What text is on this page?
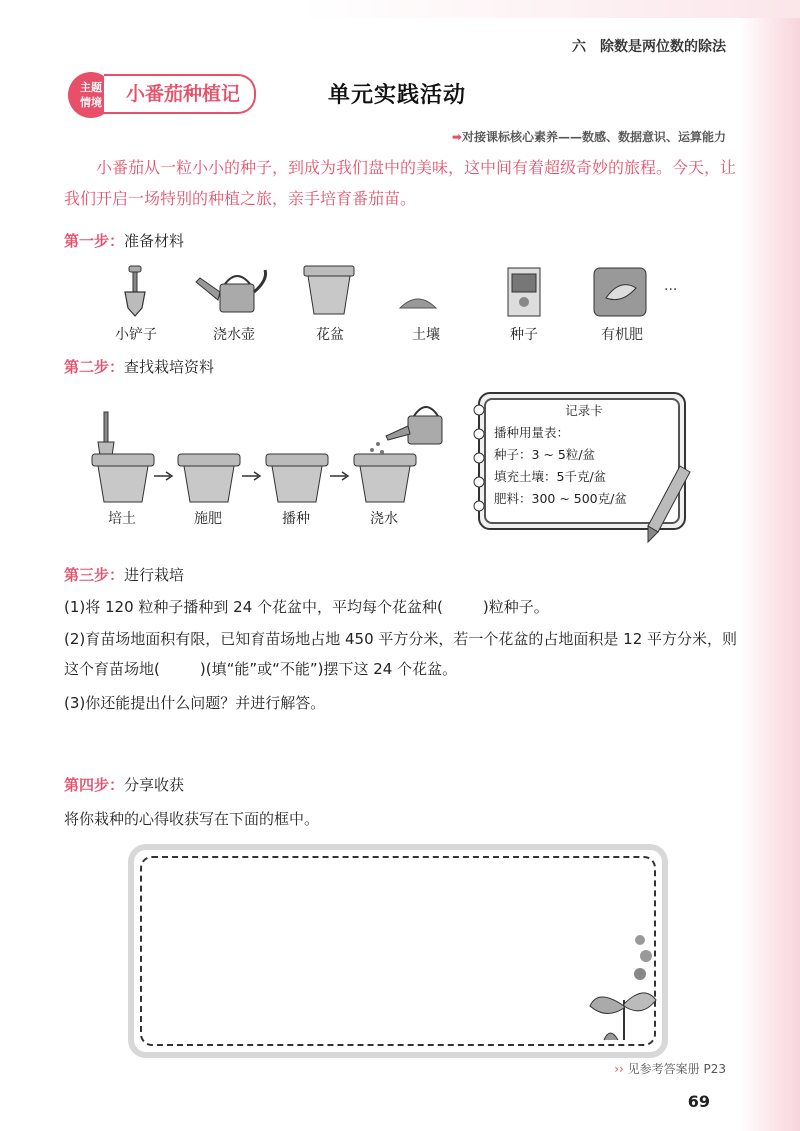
六　除数是两位数的除法
主题
情境	小番茄种植记	单元实践活动
➡对接课标核心素养——数感、数据意识、运算能力
小番茄从一粒小小的种子，到成为我们盘中的美味，这中间有着超级奇妙的旅程。今天，让我们开启一场特别的种植之旅，亲手培育番茄苗。
第一步：准备材料
小铲子	浇水壶	花盆	土壤	种子	有机肥
···
第二步：查找栽培资料
培土	施肥	播种	浇水
记录卡
播种用量表：
种子：3 ~ 5粒/盆
填充土壤：5千克/盆
肥料：300 ~ 500克/盆
第三步：进行栽培
(1)将 120 粒种子播种到 24 个花盆中，平均每个花盆种(	)粒种子。
(2)育苗场地面积有限，已知育苗场地占地 450 平方分米，若一个花盆的占地面积是 12 平方分米，则这个育苗场地(	)(填“能”或“不能”)摆下这 24 个花盆。
(3)你还能提出什么问题？并进行解答。
第四步：分享收获
将你栽种的心得收获写在下面的框中。
›› 见参考答案册 P23
69
